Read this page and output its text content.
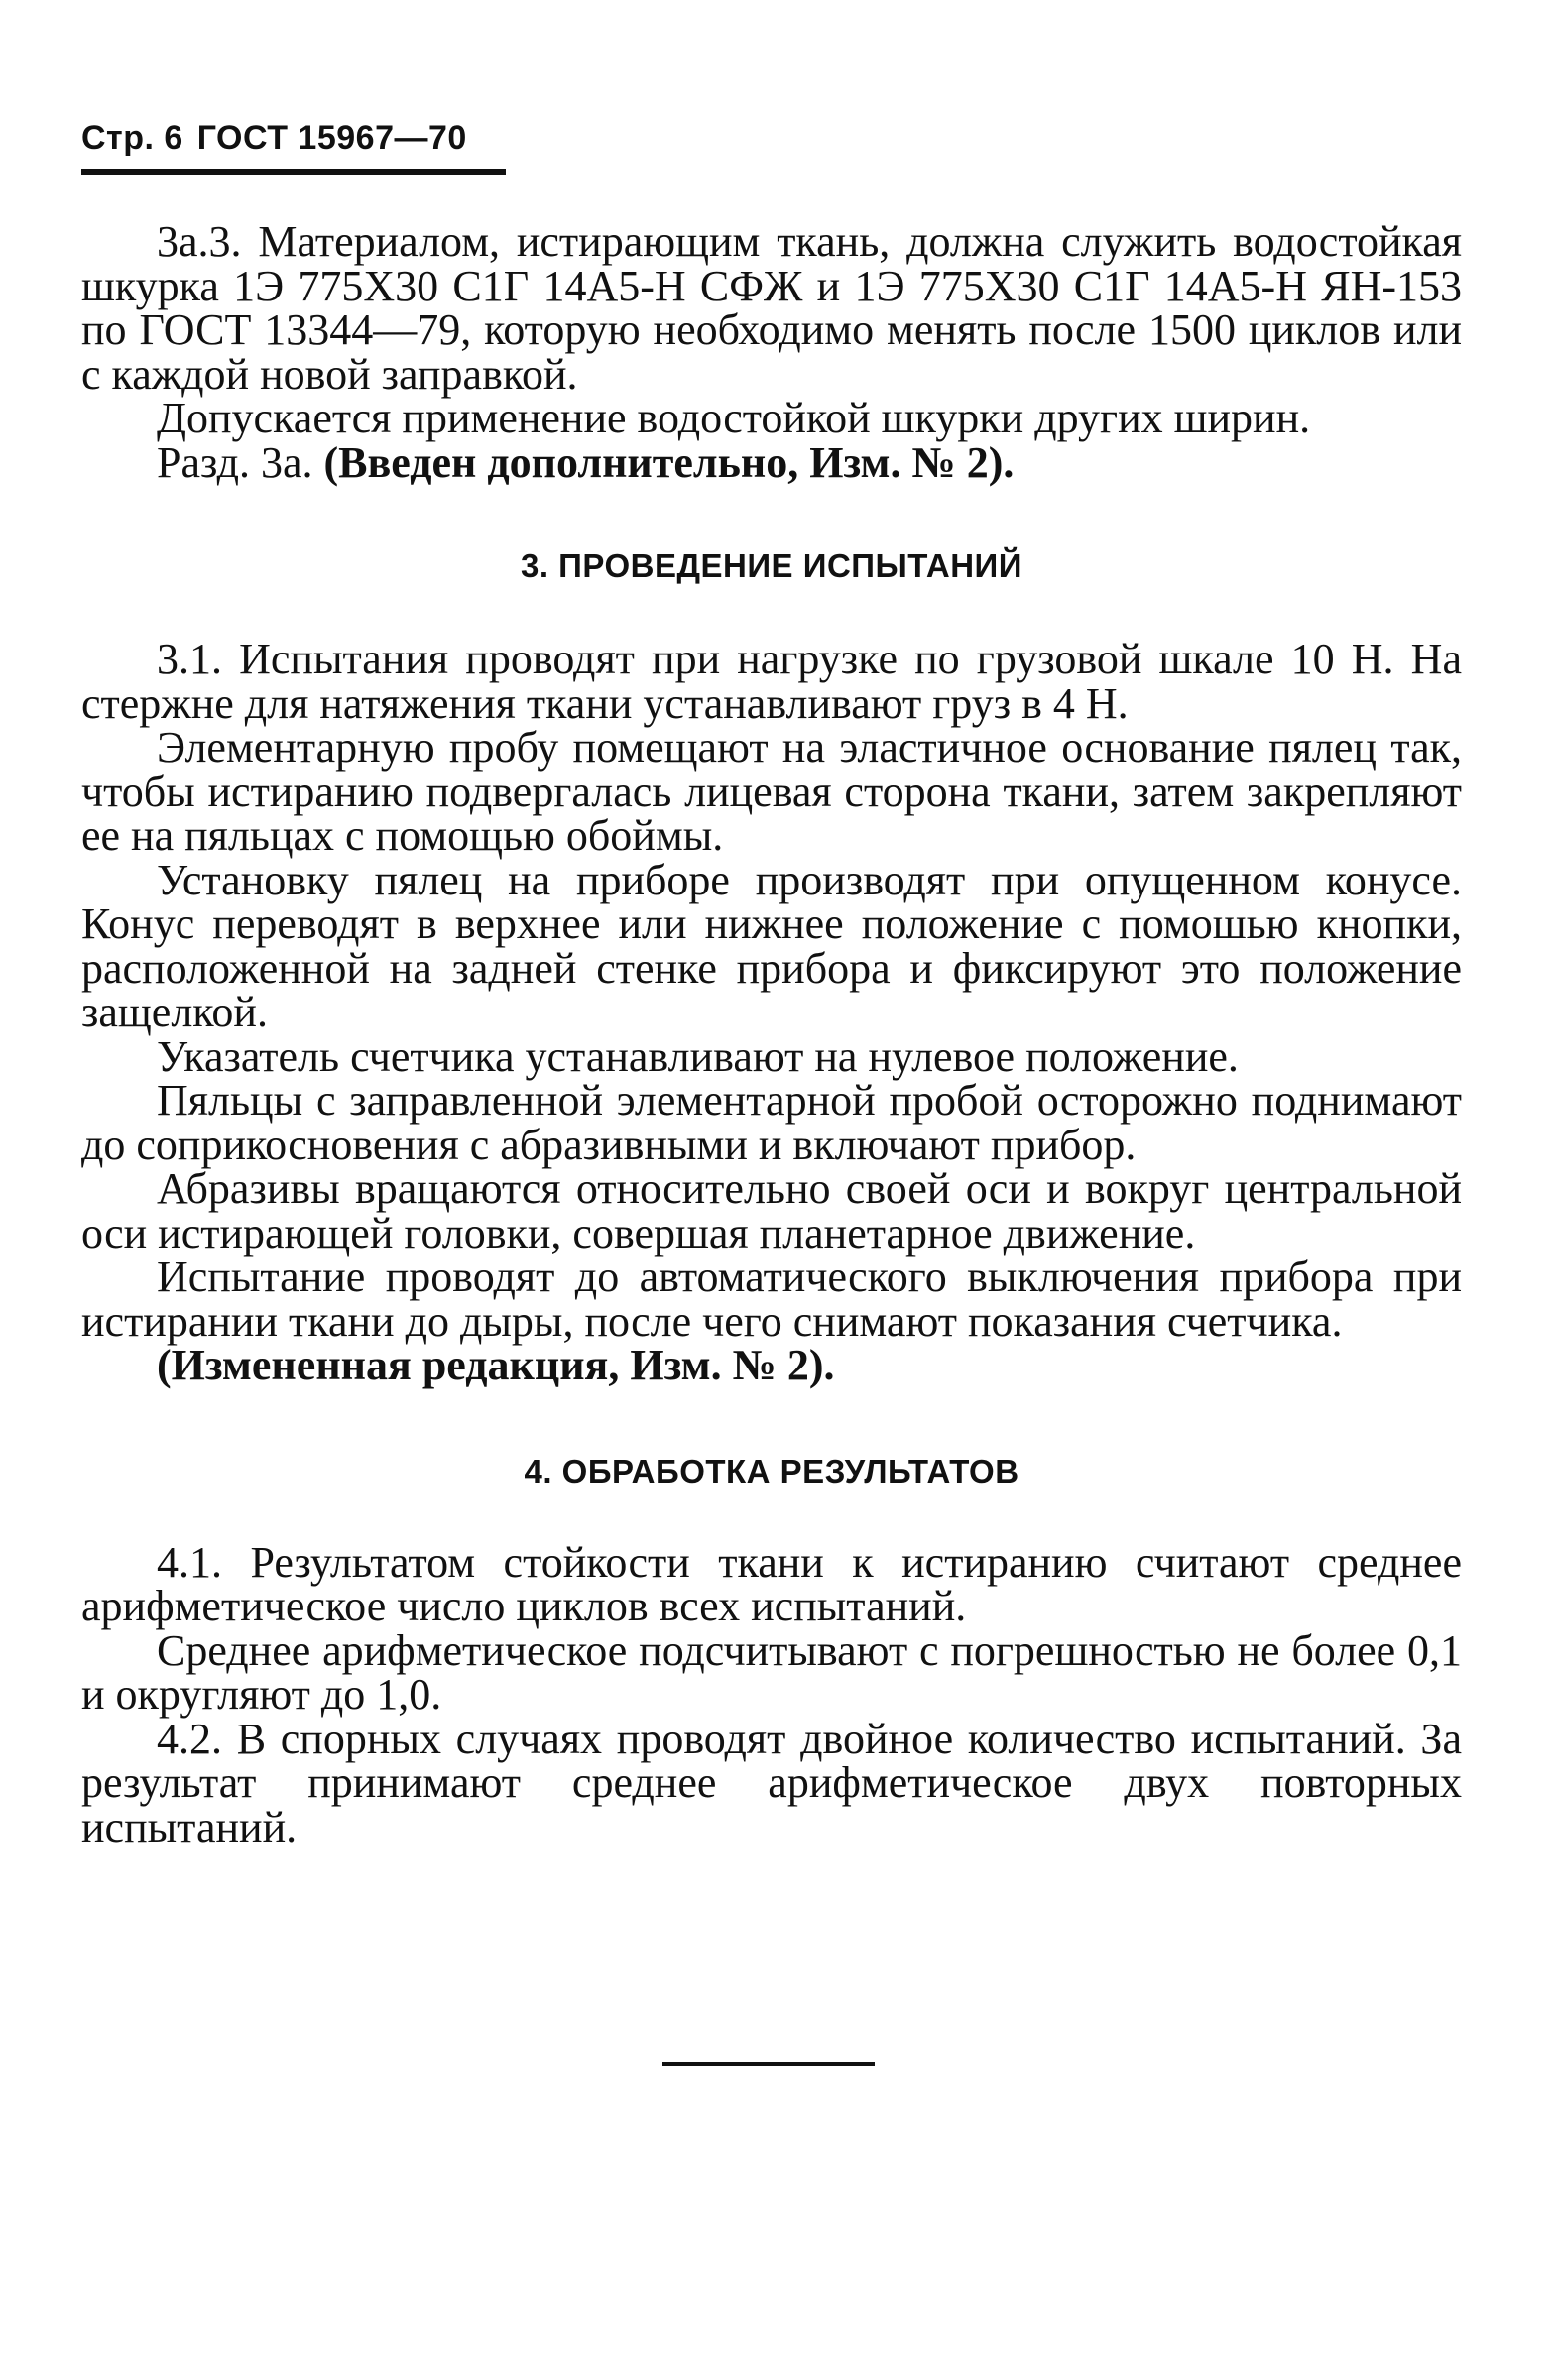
Стр. 6 ГОСТ 15967—70

3а.3. Материалом, истирающим ткань, должна служить водостойкая шкурка 1Э 775Х30 С1Г 14А5-Н СФЖ и 1Э 775Х30 С1Г 14А5-Н ЯН-153 по ГОСТ 13344—79, которую необходимо менять после 1500 циклов или с каждой новой заправкой.

Допускается применение водостойкой шкурки других ширин.

Разд. 3а. (Введен дополнительно, Изм. № 2).

3. ПРОВЕДЕНИЕ ИСПЫТАНИЙ

3.1. Испытания проводят при нагрузке по грузовой шкале 10 Н. На стержне для натяжения ткани устанавливают груз в 4 Н.

Элементарную пробу помещают на эластичное основание пялец так, чтобы истиранию подвергалась лицевая сторона ткани, затем закрепляют ее на пяльцах с помощью обоймы.

Установку пялец на приборе производят при опущенном конусе. Конус переводят в верхнее или нижнее положение с помошью кнопки, расположенной на задней стенке прибора и фиксируют это положение защелкой.

Указатель счетчика устанавливают на нулевое положение.

Пяльцы с заправленной элементарной пробой осторожно поднимают до соприкосновения с абразивными и включают прибор.

Абразивы вращаются относительно своей оси и вокруг центральной оси истирающей головки, совершая планетарное движение.

Испытание проводят до автоматического выключения прибора при истирании ткани до дыры, после чего снимают показания счетчика.

(Измененная редакция, Изм. № 2).

4. ОБРАБОТКА РЕЗУЛЬТАТОВ

4.1. Результатом стойкости ткани к истиранию считают среднее арифметическое число циклов всех испытаний.

Среднее арифметическое подсчитывают с погрешностью не более 0,1 и округляют до 1,0.

4.2. В спорных случаях проводят двойное количество испытаний. За результат принимают среднее арифметическое двух повторных испытаний.
